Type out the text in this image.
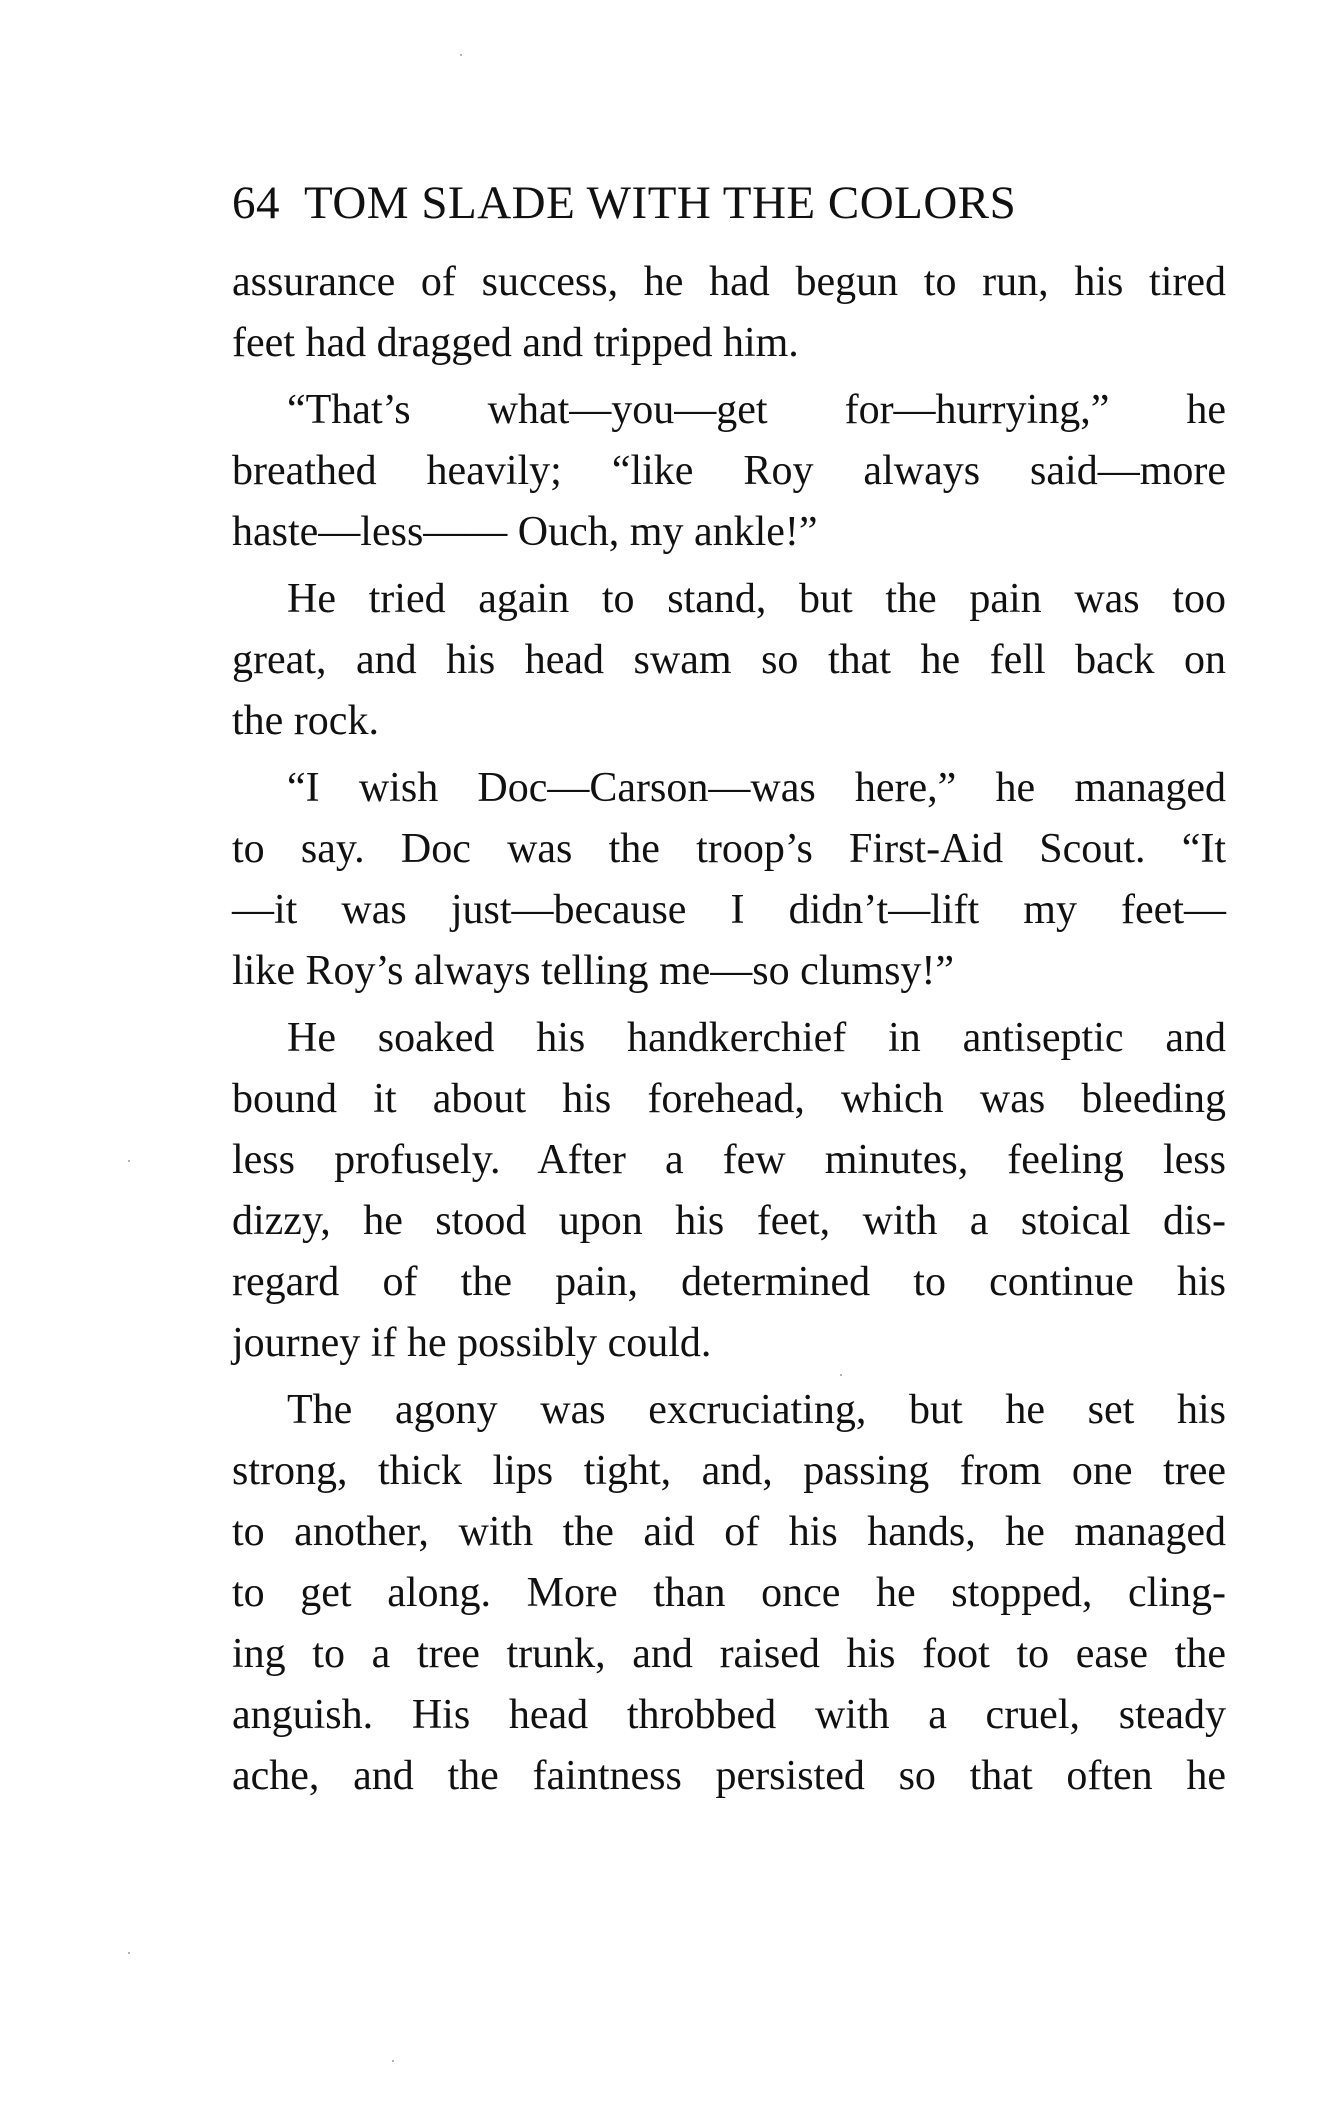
64 TOM SLADE WITH THE COLORS
assurance of success, he had begun to run, his tired
feet had dragged and tripped him.
“That’s what—you—get for—hurrying,” he
breathed heavily; “like Roy always said—more
haste—less—— Ouch, my ankle!”
He tried again to stand, but the pain was too
great, and his head swam so that he fell back on
the rock.
“I wish Doc—Carson—was here,” he managed
to say. Doc was the troop’s First-Aid Scout. “It
—it was just—because I didn’t—lift my feet—
like Roy’s always telling me—so clumsy!”
He soaked his handkerchief in antiseptic and
bound it about his forehead, which was bleeding
less profusely. After a few minutes, feeling less
dizzy, he stood upon his feet, with a stoical dis-
regard of the pain, determined to continue his
journey if he possibly could.
The agony was excruciating, but he set his
strong, thick lips tight, and, passing from one tree
to another, with the aid of his hands, he managed
to get along. More than once he stopped, cling-
ing to a tree trunk, and raised his foot to ease the
anguish. His head throbbed with a cruel, steady
ache, and the faintness persisted so that often he
